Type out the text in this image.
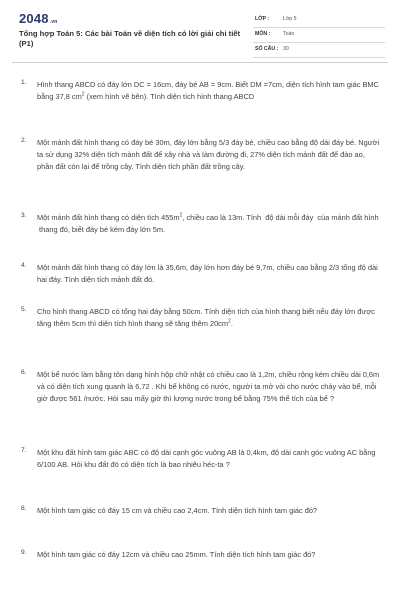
2048.vn
Tổng hợp Toán 5: Các bài Toán về diện tích có lời giải chi tiết (P1)
LỚP :	Lớp 5
MÔN : Toán
SỐ CÂU : 30
1. Hình thang ABCD có đáy lớn DC = 16cm, đáy bé AB = 9cm. Biết DM =7cm, diện tích hình tam giác BMC bằng 37,8 $cm^2$ (xem hình vẽ bên). Tính diện tích hình thang ABCD
2. Một mảnh đất hình thang có đáy bé 30m, đáy lớn bằng 5/3 đáy bé, chiều cao bằng độ dài đáy bé. Người ta sử dụng 32% diện tích mảnh đất để xây nhà và làm đường đi, 27% diện tích mảnh đất để đào ao, phần đất còn lại để trồng cây. Tính diện tích phần đất trồng cây.
3. Một mảnh đất hình thang có diện tích $455m^2$, chiều cao là 13m. Tính  độ dài mỗi đáy  của mảnh đất hình  thang đó, biết đáy bé kém đáy lớn 5m.
4. Một mảnh đất hình thang có đáy lớn là 35,6m, đáy lớn hơn đáy bé 9,7m, chiều cao bằng 2/3 tổng độ dài hai đáy. Tính diện tích mảnh đất đó.
5. Cho hình thang ABCD có tổng hai đáy bằng 50cm. Tính diện tích của hình thang biết nếu đáy lớn được tăng thêm 5cm thì diện tích hình thang sẽ tăng thêm $20cm^2$.
6. Một bể nước làm bằng tôn dạng hình hộp chữ nhật có chiều cao là 1,2m, chiều rộng kém chiều dài 0,6m và có diện tích xung quanh là 6,72 . Khi bể không có nước, người ta mở vòi cho nước chảy vào bể, mỗi giờ được 561 /nước. Hỏi sau mấy giờ thì lượng nước trong bể bằng 75% thể tích của bể ?
7. Một khu đất hình tam giác ABC có độ dài cạnh góc vuông AB là 0,4km, độ dài canh góc vuông AC bằng 6/100 AB. Hỏi khu đất đó có diện tích là bao nhiêu héc-ta ?
8. Một hình tam giác có đáy 15 cm và chiều cao 2,4cm. Tính diện tích hình tam giác đó?
9. Một hình tam giác có đáy 12cm và chiều cao 25mm. Tính diện tích hình tam giác đó?
